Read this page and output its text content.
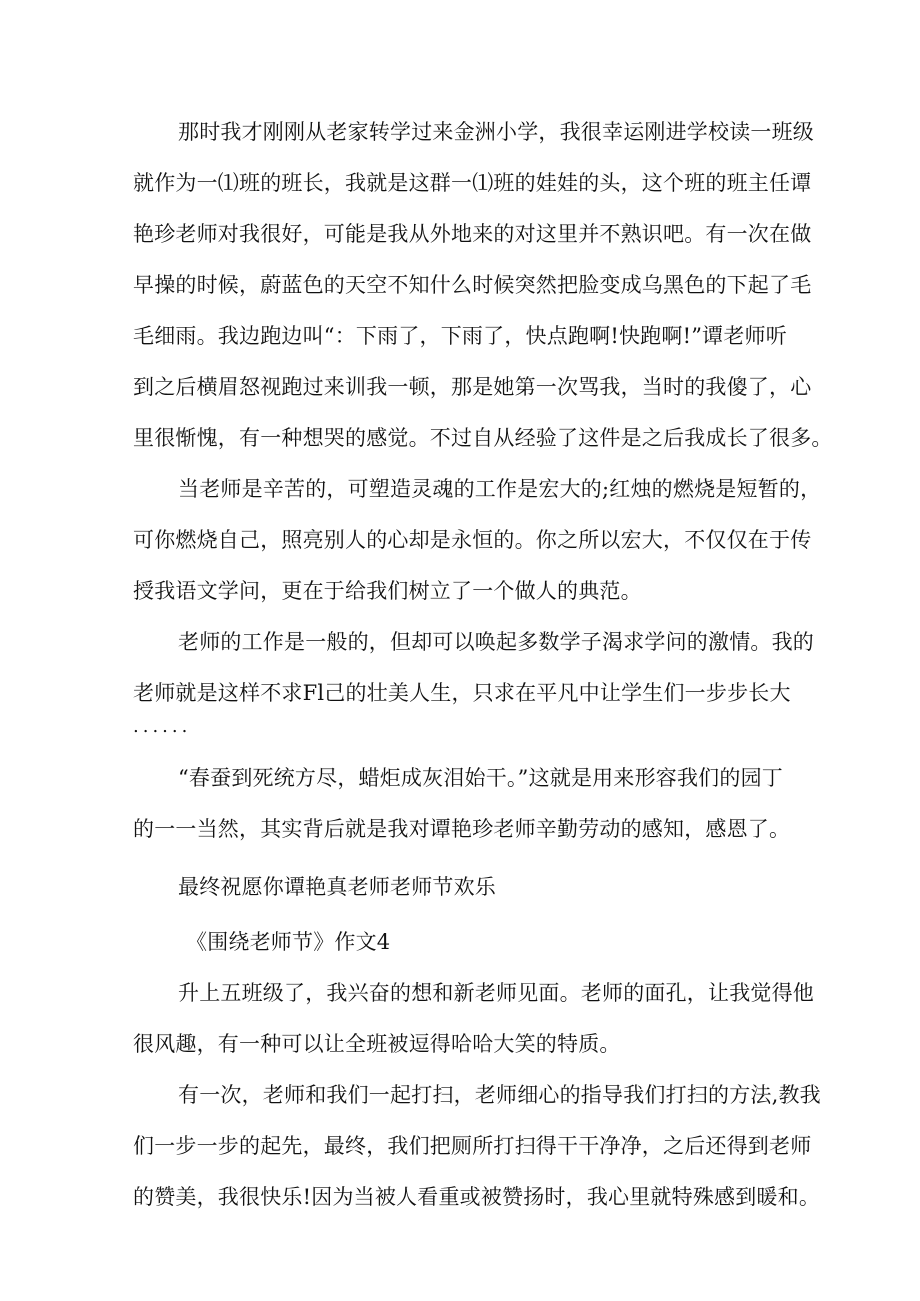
那时我才刚刚从老家转学过来金洲小学，我很幸运刚进学校读一班级
就作为一⑴班的班长，我就是这群一⑴班的娃娃的头，这个班的班主任谭
艳珍老师对我很好，可能是我从外地来的对这里并不熟识吧。有一次在做
早操的时候，蔚蓝色的天空不知什么时候突然把脸变成乌黑色的下起了毛
毛细雨。我边跑边叫“：下雨了，下雨了，快点跑啊!快跑啊!”谭老师听
到之后横眉怒视跑过来训我一顿，那是她第一次骂我，当时的我傻了，心
里很惭愧，有一种想哭的感觉。不过自从经验了这件是之后我成长了很多。
当老师是辛苦的，可塑造灵魂的工作是宏大的;红烛的燃烧是短暂的，
可你燃烧自己，照亮别人的心却是永恒的。你之所以宏大，不仅仅在于传
授我语文学问，更在于给我们树立了一个做人的典范。
老师的工作是一般的，但却可以唤起多数学子渴求学问的激情。我的
老师就是这样不求Fl己的壮美人生，只求在平凡中让学生们一步步长大
......
“春蚕到死统方尽，蜡炬成灰泪始干。”这就是用来形容我们的园丁
的一一当然，其实背后就是我对谭艳珍老师辛勤劳动的感知，感恩了。
最终祝愿你谭艳真老师老师节欢乐
《围绕老师节》作文4
升上五班级了，我兴奋的想和新老师见面。老师的面孔，让我觉得他
很风趣，有一种可以让全班被逗得哈哈大笑的特质。
有一次，老师和我们一起打扫，老师细心的指导我们打扫的方法,教我
们一步一步的起先，最终，我们把厕所打扫得干干净净，之后还得到老师
的赞美，我很快乐!因为当被人看重或被赞扬时，我心里就特殊感到暖和。
